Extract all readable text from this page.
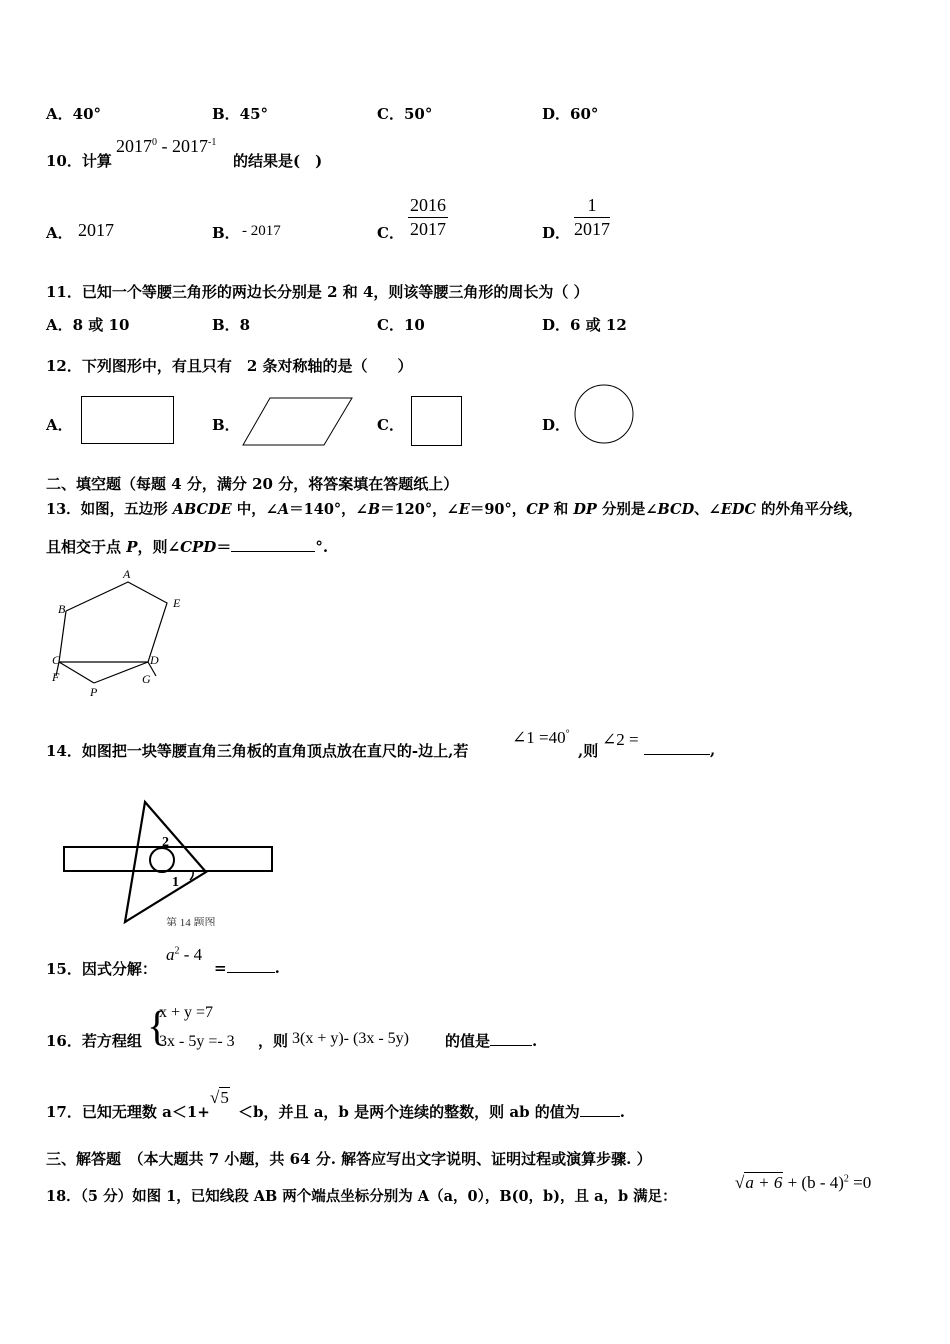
A．40°	B．45°	C．50°	D．60°
10．计算
$2017^0 - 2017^{-1}$
的结果是(　)
A． 2017	B． - 2017	C． $\frac{2016}{2017}$	D． $\frac{1}{2017}$
11．已知一个等腰三角形的两边长分别是 2 和 4，则该等腰三角形的周长为（ ）
A．8 或 10	B．8	C．10	D．6 或 12
12．下列图形中，有且只有　2 条对称轴的是（　　）
A．	B．	C．	D．
二、填空题（每题 4 分，满分 20 分，将答案填在答题纸上）
13．如图，五边形 ABCDE 中，∠A＝140°，∠B＝120°，∠E＝90°，CP 和 DP 分别是∠BCD、∠EDC 的外角平分线，
且相交于点 P，则∠CPD＝	°.
A
B	E
C	D
F	G
P
14．如图把一块等腰直角三角板的直角顶点放在直尺的-边上,若
∠1 =40°
,则
∠2 =
,
2
1
第 14 题图
15．因式分解：
$a^2 - 4$
=	.
16．若方程组 {
x + y =7
3x - 5y =- 3 ，则 3(x + y)- (3x - 5y) 的值是	.
17．已知无理数 a＜1+
√5
＜b，并且 a，b 是两个连续的整数，则 ab 的值为	.
三、解答题　（本大题共 7 小题，共 64 分. 解答应写出文字说明、证明过程或演算步骤. ）
18．（5 分）如图 1，已知线段 AB 两个端点坐标分别为 A（a，0），B(0，b)，且 a，b 满足：
√a + 6 + (b - 4)$^2$ =0
